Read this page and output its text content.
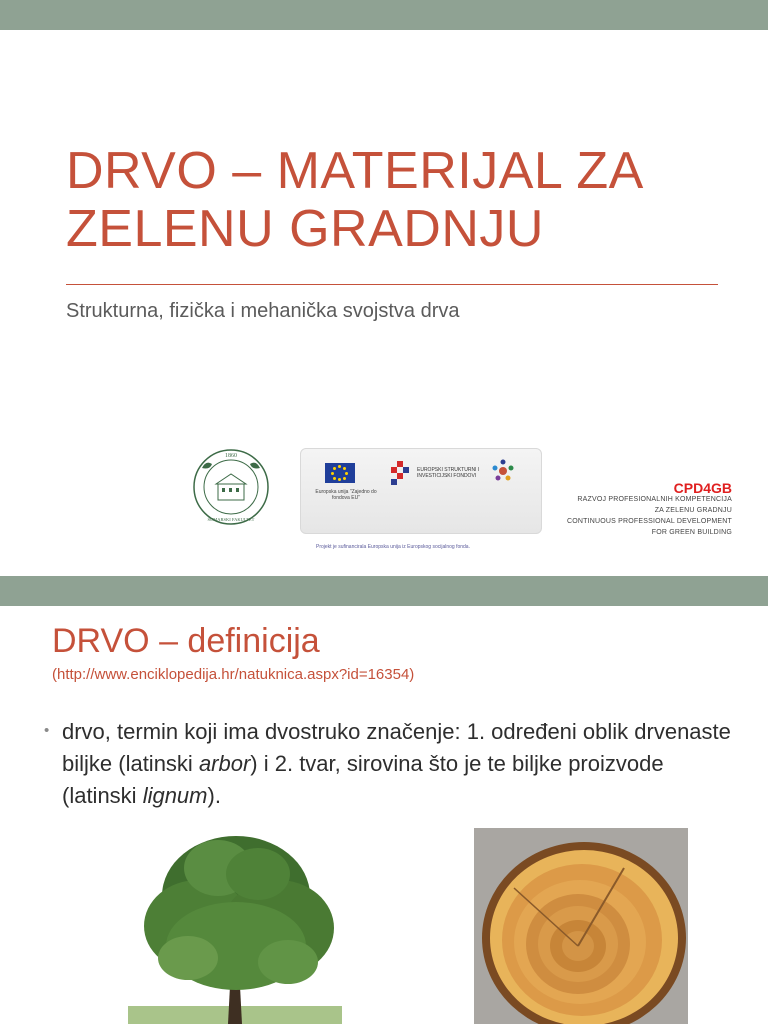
DRVO – MATERIJAL ZA
ZELENU GRADNJU
Strukturna, fizička i mehanička svojstva drva
1860
ŠUMARSKI FAKULTET
Europska unija "Zajedno do fondova EU"
EUROPSKI STRUKTURNI I INVESTICIJSKI FONDOVI
Projekt je sufinancirala Europska unija iz Europskog socijalnog fonda.
CPD4GB
RAZVOJ PROFESIONALNIH KOMPETENCIJA
ZA ZELENU GRADNJU
CONTINUOUS PROFESSIONAL DEVELOPMENT
FOR GREEN BUILDING
DRVO – definicija
(http://www.enciklopedija.hr/natuknica.aspx?id=16354)
• drvo, termin koji ima dvostruko značenje: 1. određeni oblik drvenaste biljke (latinski arbor) i 2. tvar, sirovina što je te biljke proizvode (latinski lignum).
